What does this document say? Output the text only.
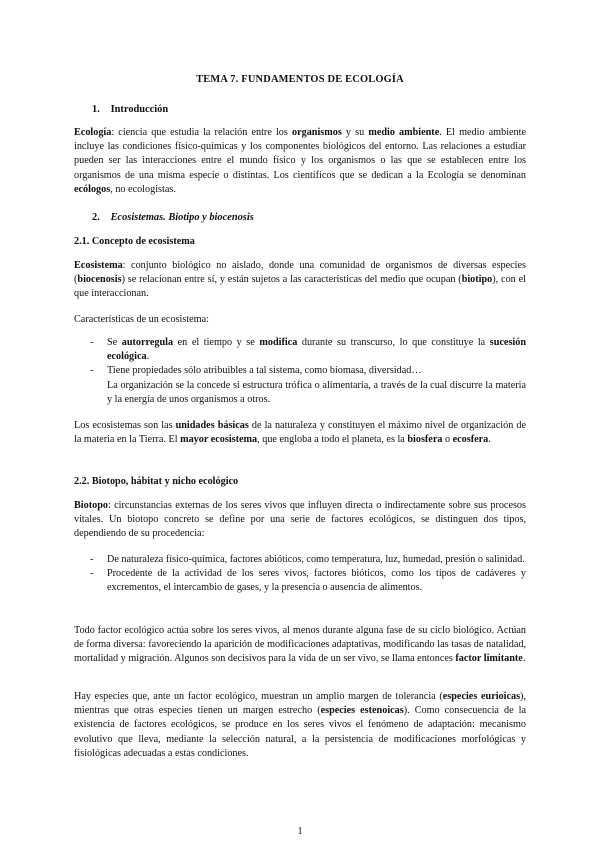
TEMA 7. FUNDAMENTOS DE ECOLOGÍA
1. Introducción
Ecología: ciencia que estudia la relación entre los organismos y su medio ambiente. El medio ambiente incluye las condiciones físico-químicas y los componentes biológicos del entorno. Las relaciones a estudiar pueden ser las interacciones entre el mundo físico y los organismos o las que se establecen entre los organismos de una misma especie o distintas. Los científicos que se dedican a la Ecología se denominan ecólogos, no ecologistas.
2. Ecosistemas. Biotipo y biocenosis
2.1. Concepto de ecosistema
Ecosistema: conjunto biológico no aislado, donde una comunidad de organismos de diversas especies (biocenosis) se relacionan entre sí, y están sujetos a las características del medio que ocupan (biotipo), con el que interaccionan.
Características de un ecosistema:
- Se autorregula en el tiempo y se modifica durante su transcurso, lo que constituye la sucesión ecológica.
- Tiene propiedades sólo atribuibles a tal sistema, como biomasa, diversidad…
La organización se la concede si estructura trófica o alimentaria, a través de la cual discurre la materia y la energía de unos organismos a otros.
Los ecosistemas son las unidades básicas de la naturaleza y constituyen el máximo nivel de organización de la materia en la Tierra. El mayor ecosistema, que engloba a todo el planeta, es la biosfera o ecosfera.
2.2. Biotopo, hábitat y nicho ecológico
Biotopo: circunstancias externas de los seres vivos que influyen directa o indirectamente sobre sus procesos vitales. Un biotopo concreto se define por una serie de factores ecológicos, se distinguen dos tipos, dependiendo de su procedencia:
- De naturaleza físico-química, factores abióticos, como temperatura, luz, humedad, presión o salinidad.
- Procedente de la actividad de los seres vivos, factores bióticos, como los tipos de cadáveres y excrementos, el intercambio de gases, y la presencia o ausencia de alimentos.
Todo factor ecológico actúa sobre los seres vivos, al menos durante alguna fase de su ciclo biológico. Actúan de forma diversa: favoreciendo la aparición de modificaciones adaptativas, modificando las tasas de natalidad, mortalidad y migración. Algunos son decisivos para la vida de un ser vivo, se llama entonces factor limitante.
Hay especies que, ante un factor ecológico, muestran un amplio margen de tolerancia (especies eurioicas), mientras que otras especies tienen un margen estrecho (especies estenoicas). Como consecuencia de la existencia de factores ecológicos, se produce en los seres vivos el fenómeno de adaptación: mecanismo evolutivo que lleva, mediante la selección natural, a la persistencia de modificaciones morfológicas y fisiológicas adecuadas a estas condiciones.
1
